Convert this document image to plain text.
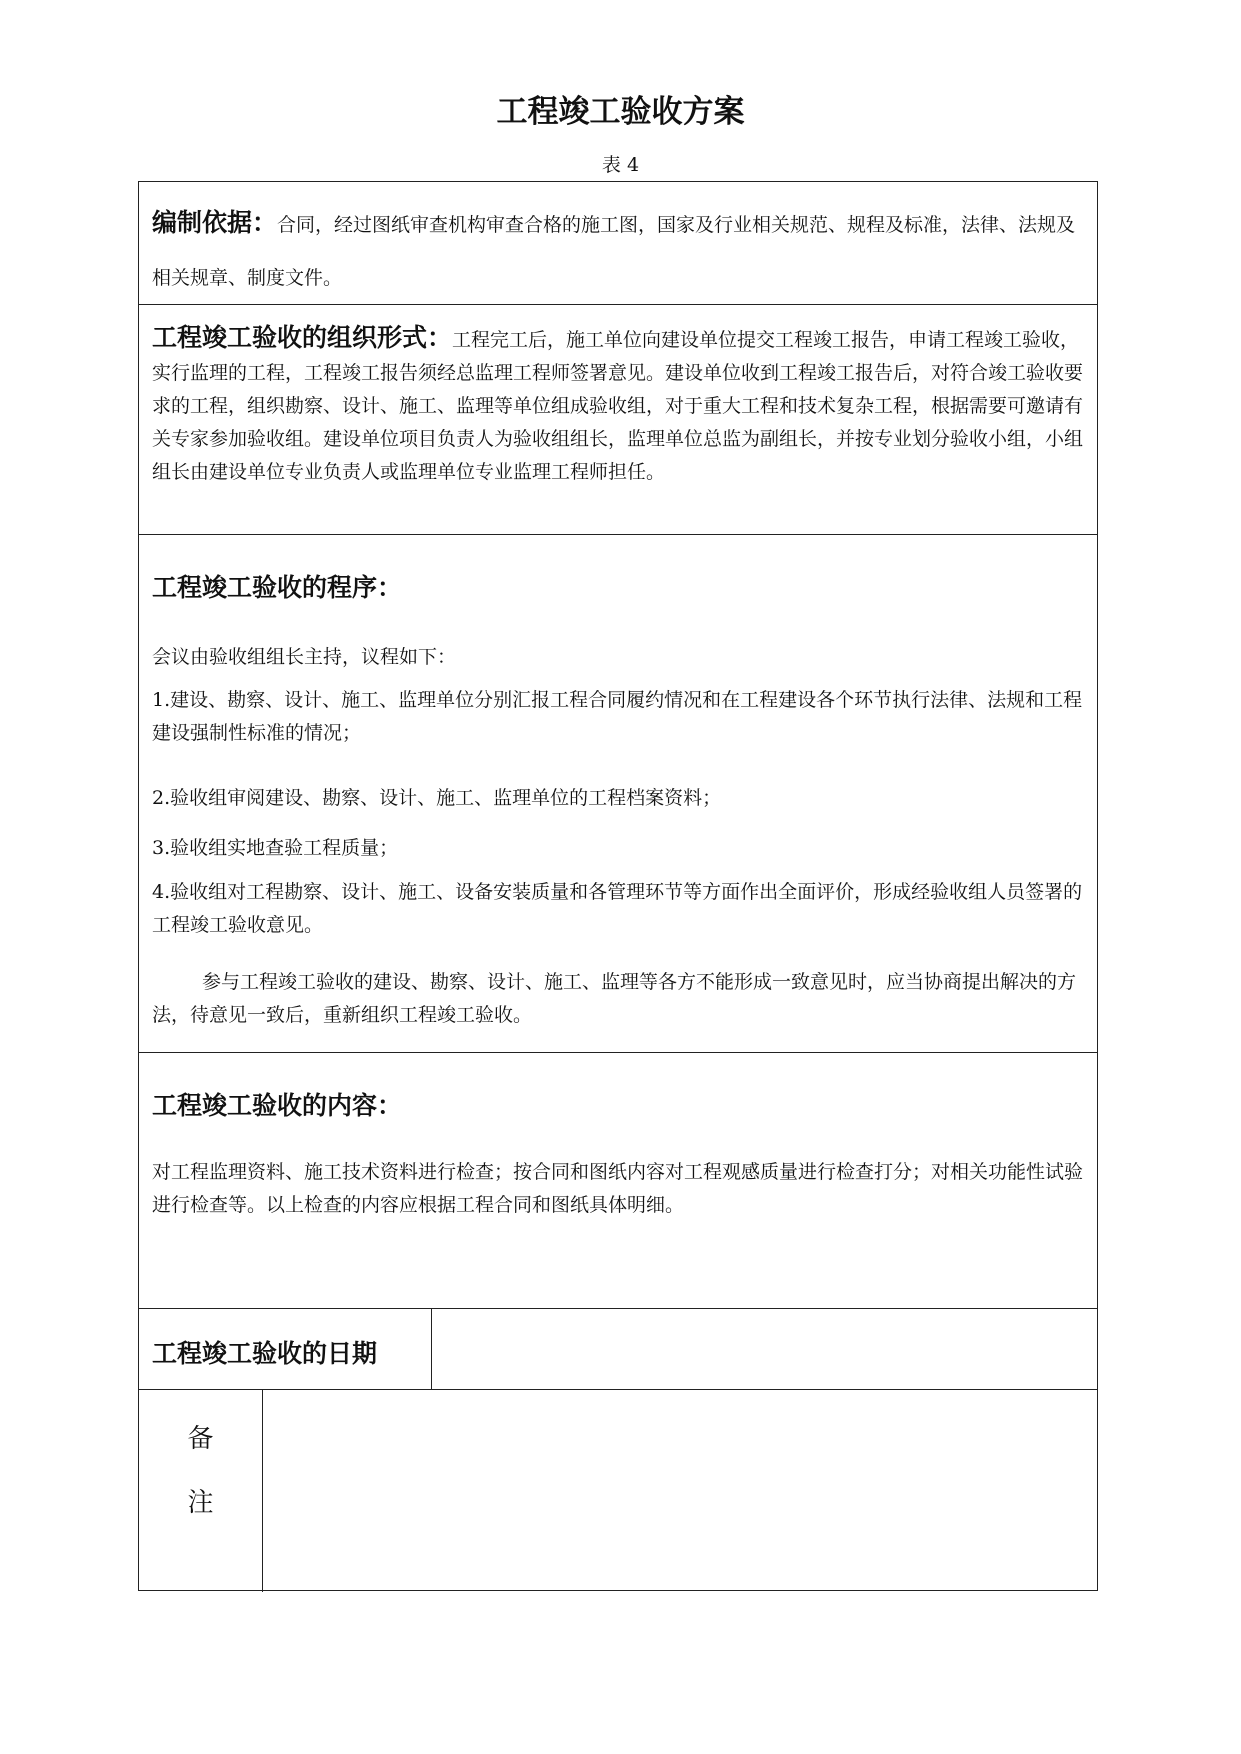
工程竣工验收方案
表 4
编制依据：合同，经过图纸审查机构审查合格的施工图，国家及行业相关规范、规程及标准，法律、法规及相关规章、制度文件。
工程竣工验收的组织形式：工程完工后，施工单位向建设单位提交工程竣工报告，申请工程竣工验收，实行监理的工程，工程竣工报告须经总监理工程师签署意见。建设单位收到工程竣工报告后，对符合竣工验收要求的工程，组织勘察、设计、施工、监理等单位组成验收组，对于重大工程和技术复杂工程，根据需要可邀请有关专家参加验收组。建设单位项目负责人为验收组组长，监理单位总监为副组长，并按专业划分验收小组，小组组长由建设单位专业负责人或监理单位专业监理工程师担任。
工程竣工验收的程序：
会议由验收组组长主持，议程如下：
1.建设、勘察、设计、施工、监理单位分别汇报工程合同履约情况和在工程建设各个环节执行法律、法规和工程建设强制性标准的情况；
2.验收组审阅建设、勘察、设计、施工、监理单位的工程档案资料；
3.验收组实地查验工程质量；
4.验收组对工程勘察、设计、施工、设备安装质量和各管理环节等方面作出全面评价，形成经验收组人员签署的工程竣工验收意见。
参与工程竣工验收的建设、勘察、设计、施工、监理等各方不能形成一致意见时，应当协商提出解决的方法，待意见一致后，重新组织工程竣工验收。
工程竣工验收的内容：
对工程监理资料、施工技术资料进行检查；按合同和图纸内容对工程观感质量进行检查打分；对相关功能性试验进行检查等。以上检查的内容应根据工程合同和图纸具体明细。
工程竣工验收的日期
备
注
